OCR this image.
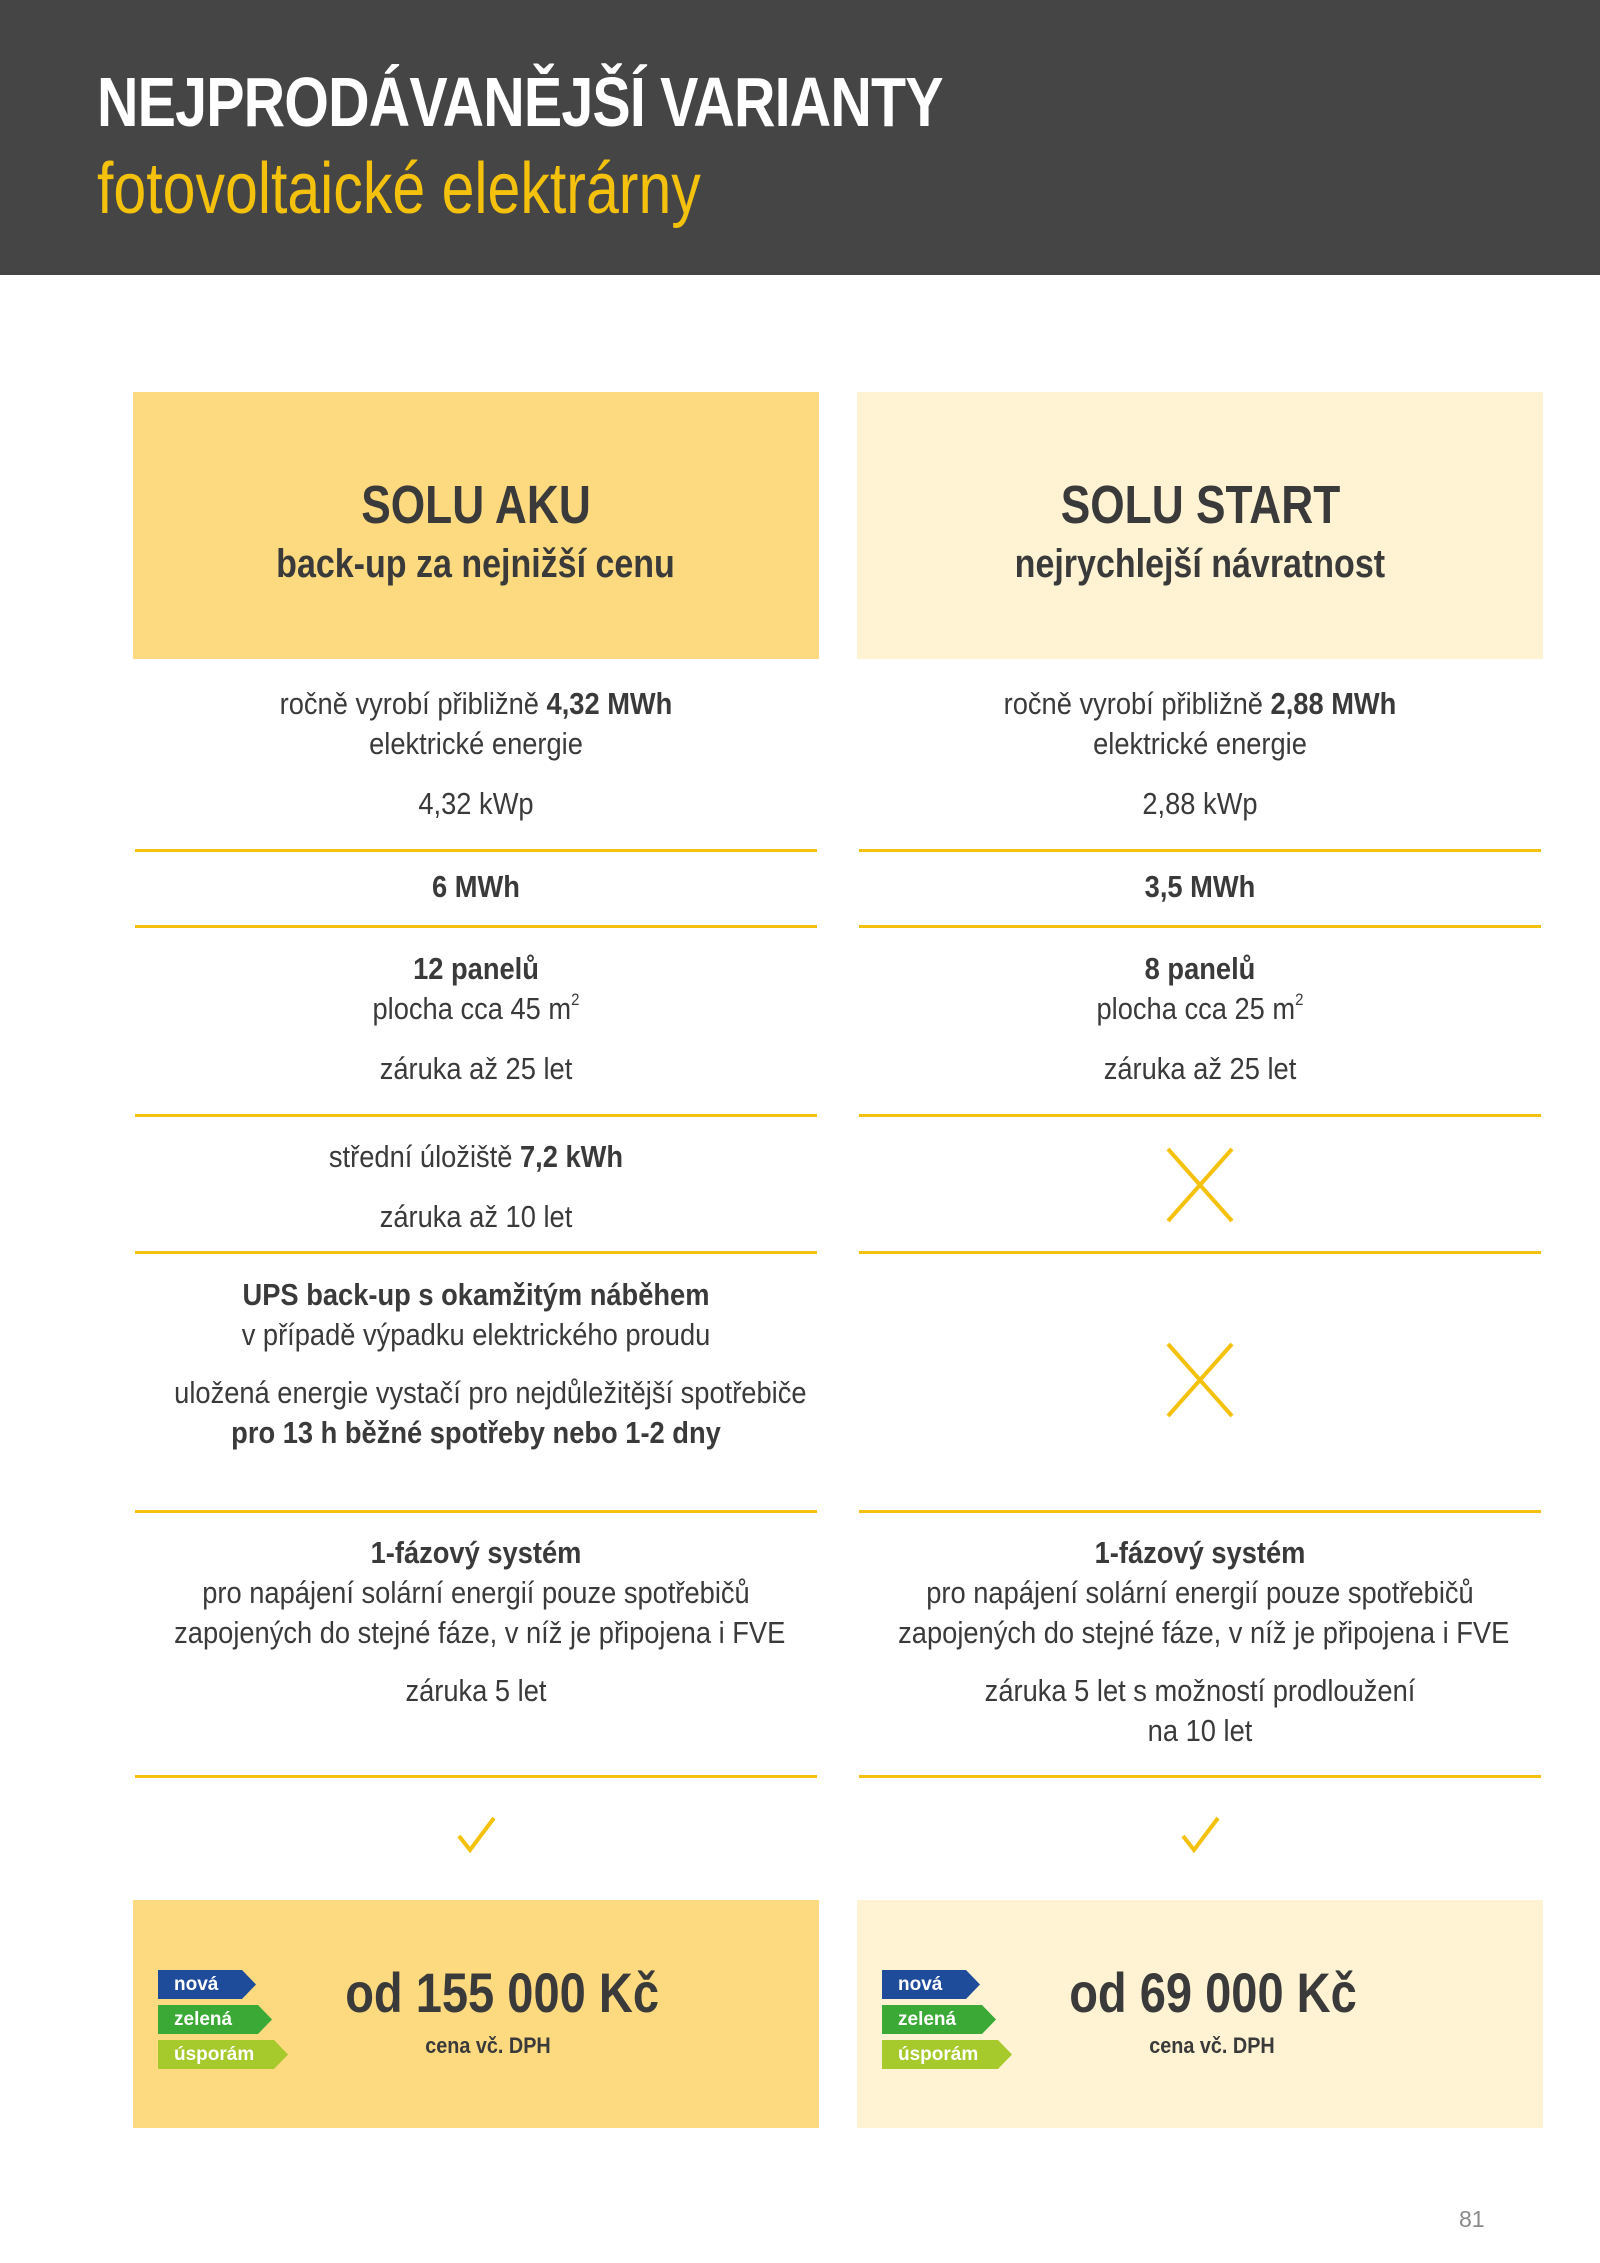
NEJPRODÁVANĚJŠÍ VARIANTY
fotovoltaické elektrárny
SOLU AKU
back-up za nejnižší cenu
ročně vyrobí přibližně 4,32 MWh
elektrické energie
4,32 kWp
6 MWh
12 panelů
plocha cca 45 $m^2$
záruka až 25 let
střední úložiště 7,2 kWh
záruka až 10 let
UPS back-up s okamžitým náběhem
v případě výpadku elektrického proudu
uložená energie vystačí pro nejdůležitější spotřebiče
pro 13 h běžné spotřeby nebo 1-2 dny
1-fázový systém
pro napájení solární energií pouze spotřebičů
zapojených do stejné fáze, v níž je připojena i FVE
záruka 5 let
nová
zelená
úsporám
od 155 000 Kč
cena vč. DPH
SOLU START
nejrychlejší návratnost
ročně vyrobí přibližně 2,88 MWh
elektrické energie
2,88 kWp
3,5 MWh
8 panelů
plocha cca 25 $m^2$
záruka až 25 let
1-fázový systém
pro napájení solární energií pouze spotřebičů
zapojených do stejné fáze, v níž je připojena i FVE
záruka 5 let s možností prodloužení
na 10 let
nová
zelená
úsporám
od 69 000 Kč
cena vč. DPH
81
